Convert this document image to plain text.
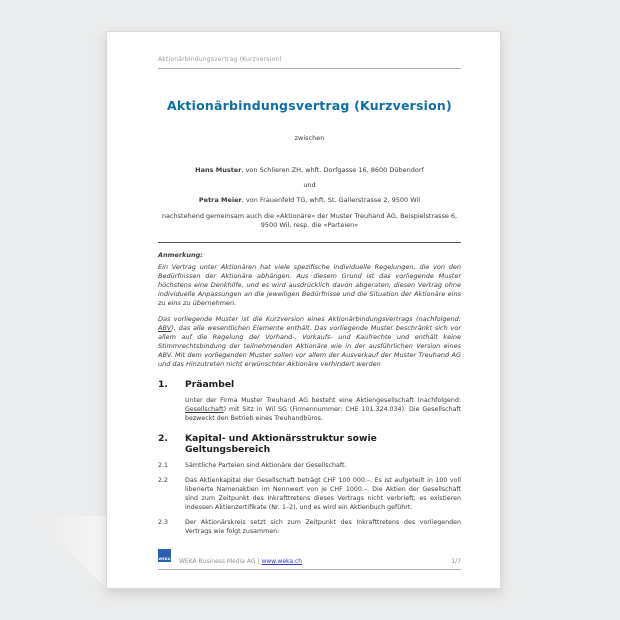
Aktionärbindungsvertrag (Kurzversion)
Aktionärbindungsvertrag (Kurzversion)
zwischen
Hans Muster, von Schlieren ZH, whft. Dorfgasse 16, 8600 Dübendorf
und
Petra Meier, von Frauenfeld TG, whft. St. Gallerstrasse 2, 9500 Wil
nachstehend gemeinsam auch die «Aktionäre» der Muster Treuhand AG, Beispielstrasse 6, 9500 Wil, resp. die «Parteien»
Anmerkung:
Ein Vertrag unter Aktionären hat viele spezifische individuelle Regelungen, die von den Bedürfnissen der Aktionäre abhängen. Aus diesem Grund ist das vorliegende Muster höchstens eine Denkhilfe, und es wird ausdrücklich davon abgeraten, diesen Vertrag ohne individuelle Anpassungen an die jeweiligen Bedürfnisse und die Situation der Aktionäre eins zu eins zu übernehmen.
Das vorliegende Muster ist die Kurzversion eines Aktionärbindungsvertrags (nachfolgend: ABV), das alle wesentlichen Elemente enthält. Das vorliegende Muster beschränkt sich vor allem auf die Regelung der Vorhand-, Vorkaufs- und Kaufrechte und enthält keine Stimmrechtsbindung der teilnehmenden Aktionäre wie in der ausführlichen Version eines ABV. Mit dem vorliegenden Muster sollen vor allem der Ausverkauf der Muster Treuhand AG und das Hinzutreten nicht erwünschter Aktionäre verhindert werden
1.	Präambel
Unter der Firma Muster Treuhand AG besteht eine Aktiengesellschaft (nachfolgend: Gesellschaft) mit Sitz in Wil SG (Firmennummer: CHE 101.324.034). Die Gesellschaft bezweckt den Betrieb eines Treuhandbüros.
2.	Kapital- und Aktionärsstruktur sowie Geltungsbereich
2.1	Sämtliche Parteien sind Aktionäre der Gesellschaft.
2.2	Das Aktienkapital der Gesellschaft beträgt CHF 100 000.–. Es ist aufgeteilt in 100 voll liberierte Namenaktien im Nennwert von je CHF 1000.–. Die Aktien der Gesellschaft sind zum Zeitpunkt des Inkrafttretens dieses Vertrags nicht verbrieft; es existieren indessen Aktienzertifikate (Nr. 1–2), und es wird ein Aktienbuch geführt.
2.3	Der Aktionärskreis setzt sich zum Zeitpunkt des Inkrafttretens des vorliegenden Vertrags wie folgt zusammen:
WEKA WEKA Business Media AG | www.weka.ch	1/7
